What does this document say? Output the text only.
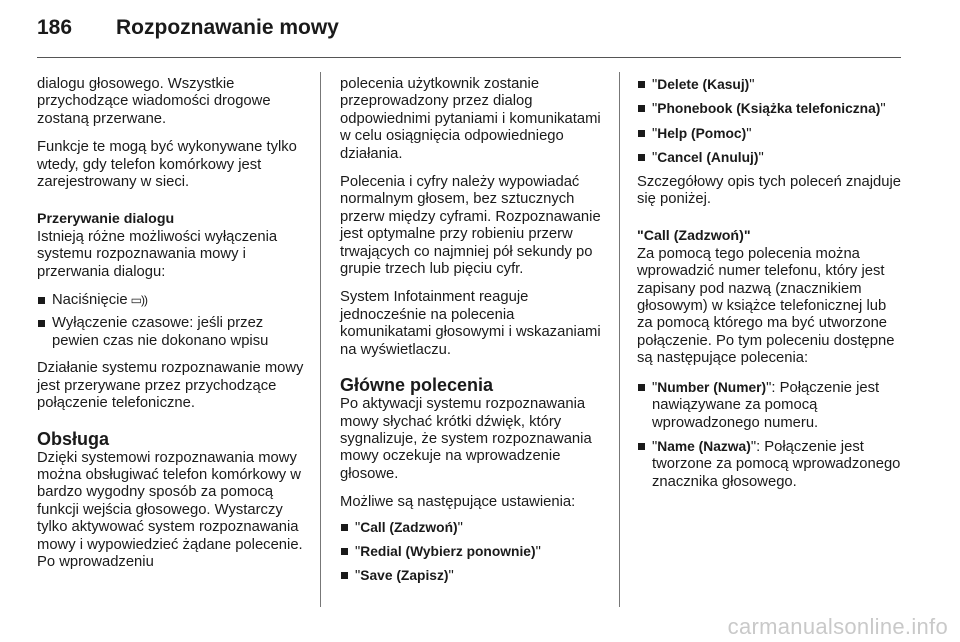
186 Rozpoznawanie mowy

dialogu głosowego. Wszystkie przychodzące wiadomości drogowe zostaną przerwane.

Funkcje te mogą być wykonywane tylko wtedy, gdy telefon komórkowy jest zarejestrowany w sieci.

Przerywanie dialogu

Istnieją różne możliwości wyłączenia systemu rozpoznawania mowy i przerwania dialogu:

Naciśnięcie ▭))
Wyłączenie czasowe: jeśli przez pewien czas nie dokonano wpisu

Działanie systemu rozpoznawanie mowy jest przerywane przez przychodzące połączenie telefoniczne.

Obsługa

Dzięki systemowi rozpoznawania mowy można obsługiwać telefon komórkowy w bardzo wygodny sposób za pomocą funkcji wejścia głosowego. Wystarczy tylko aktywować system rozpoznawania mowy i wypowiedzieć żądane polecenie. Po wprowadzeniu

polecenia użytkownik zostanie przeprowadzony przez dialog odpowiednimi pytaniami i komunikatami w celu osiągnięcia odpowiedniego działania.

Polecenia i cyfry należy wypowiadać normalnym głosem, bez sztucznych przerw między cyframi. Rozpoznawanie jest optymalne przy robieniu przerw trwających co najmniej pół sekundy po grupie trzech lub pięciu cyfr.

System Infotainment reaguje jednocześnie na polecenia komunikatami głosowymi i wskazaniami na wyświetlaczu.

Główne polecenia

Po aktywacji systemu rozpoznawania mowy słychać krótki dźwięk, który sygnalizuje, że system rozpoznawania mowy oczekuje na wprowadzenie głosowe.

Możliwe są następujące ustawienia:

"Call (Zadzwoń)"
"Redial (Wybierz ponownie)"
"Save (Zapisz)"
"Delete (Kasuj)"
"Phonebook (Książka telefoniczna)"
"Help (Pomoc)"
"Cancel (Anuluj)"

Szczegółowy opis tych poleceń znajduje się poniżej.

"Call (Zadzwoń)"

Za pomocą tego polecenia można wprowadzić numer telefonu, który jest zapisany pod nazwą (znacznikiem głosowym) w książce telefonicznej lub za pomocą którego ma być utworzone połączenie. Po tym poleceniu dostępne są następujące polecenia:

"Number (Numer)": Połączenie jest nawiązywane za pomocą wprowadzonego numeru.
"Name (Nazwa)": Połączenie jest tworzone za pomocą wprowadzonego znacznika głosowego.
carmanualsonline.info
